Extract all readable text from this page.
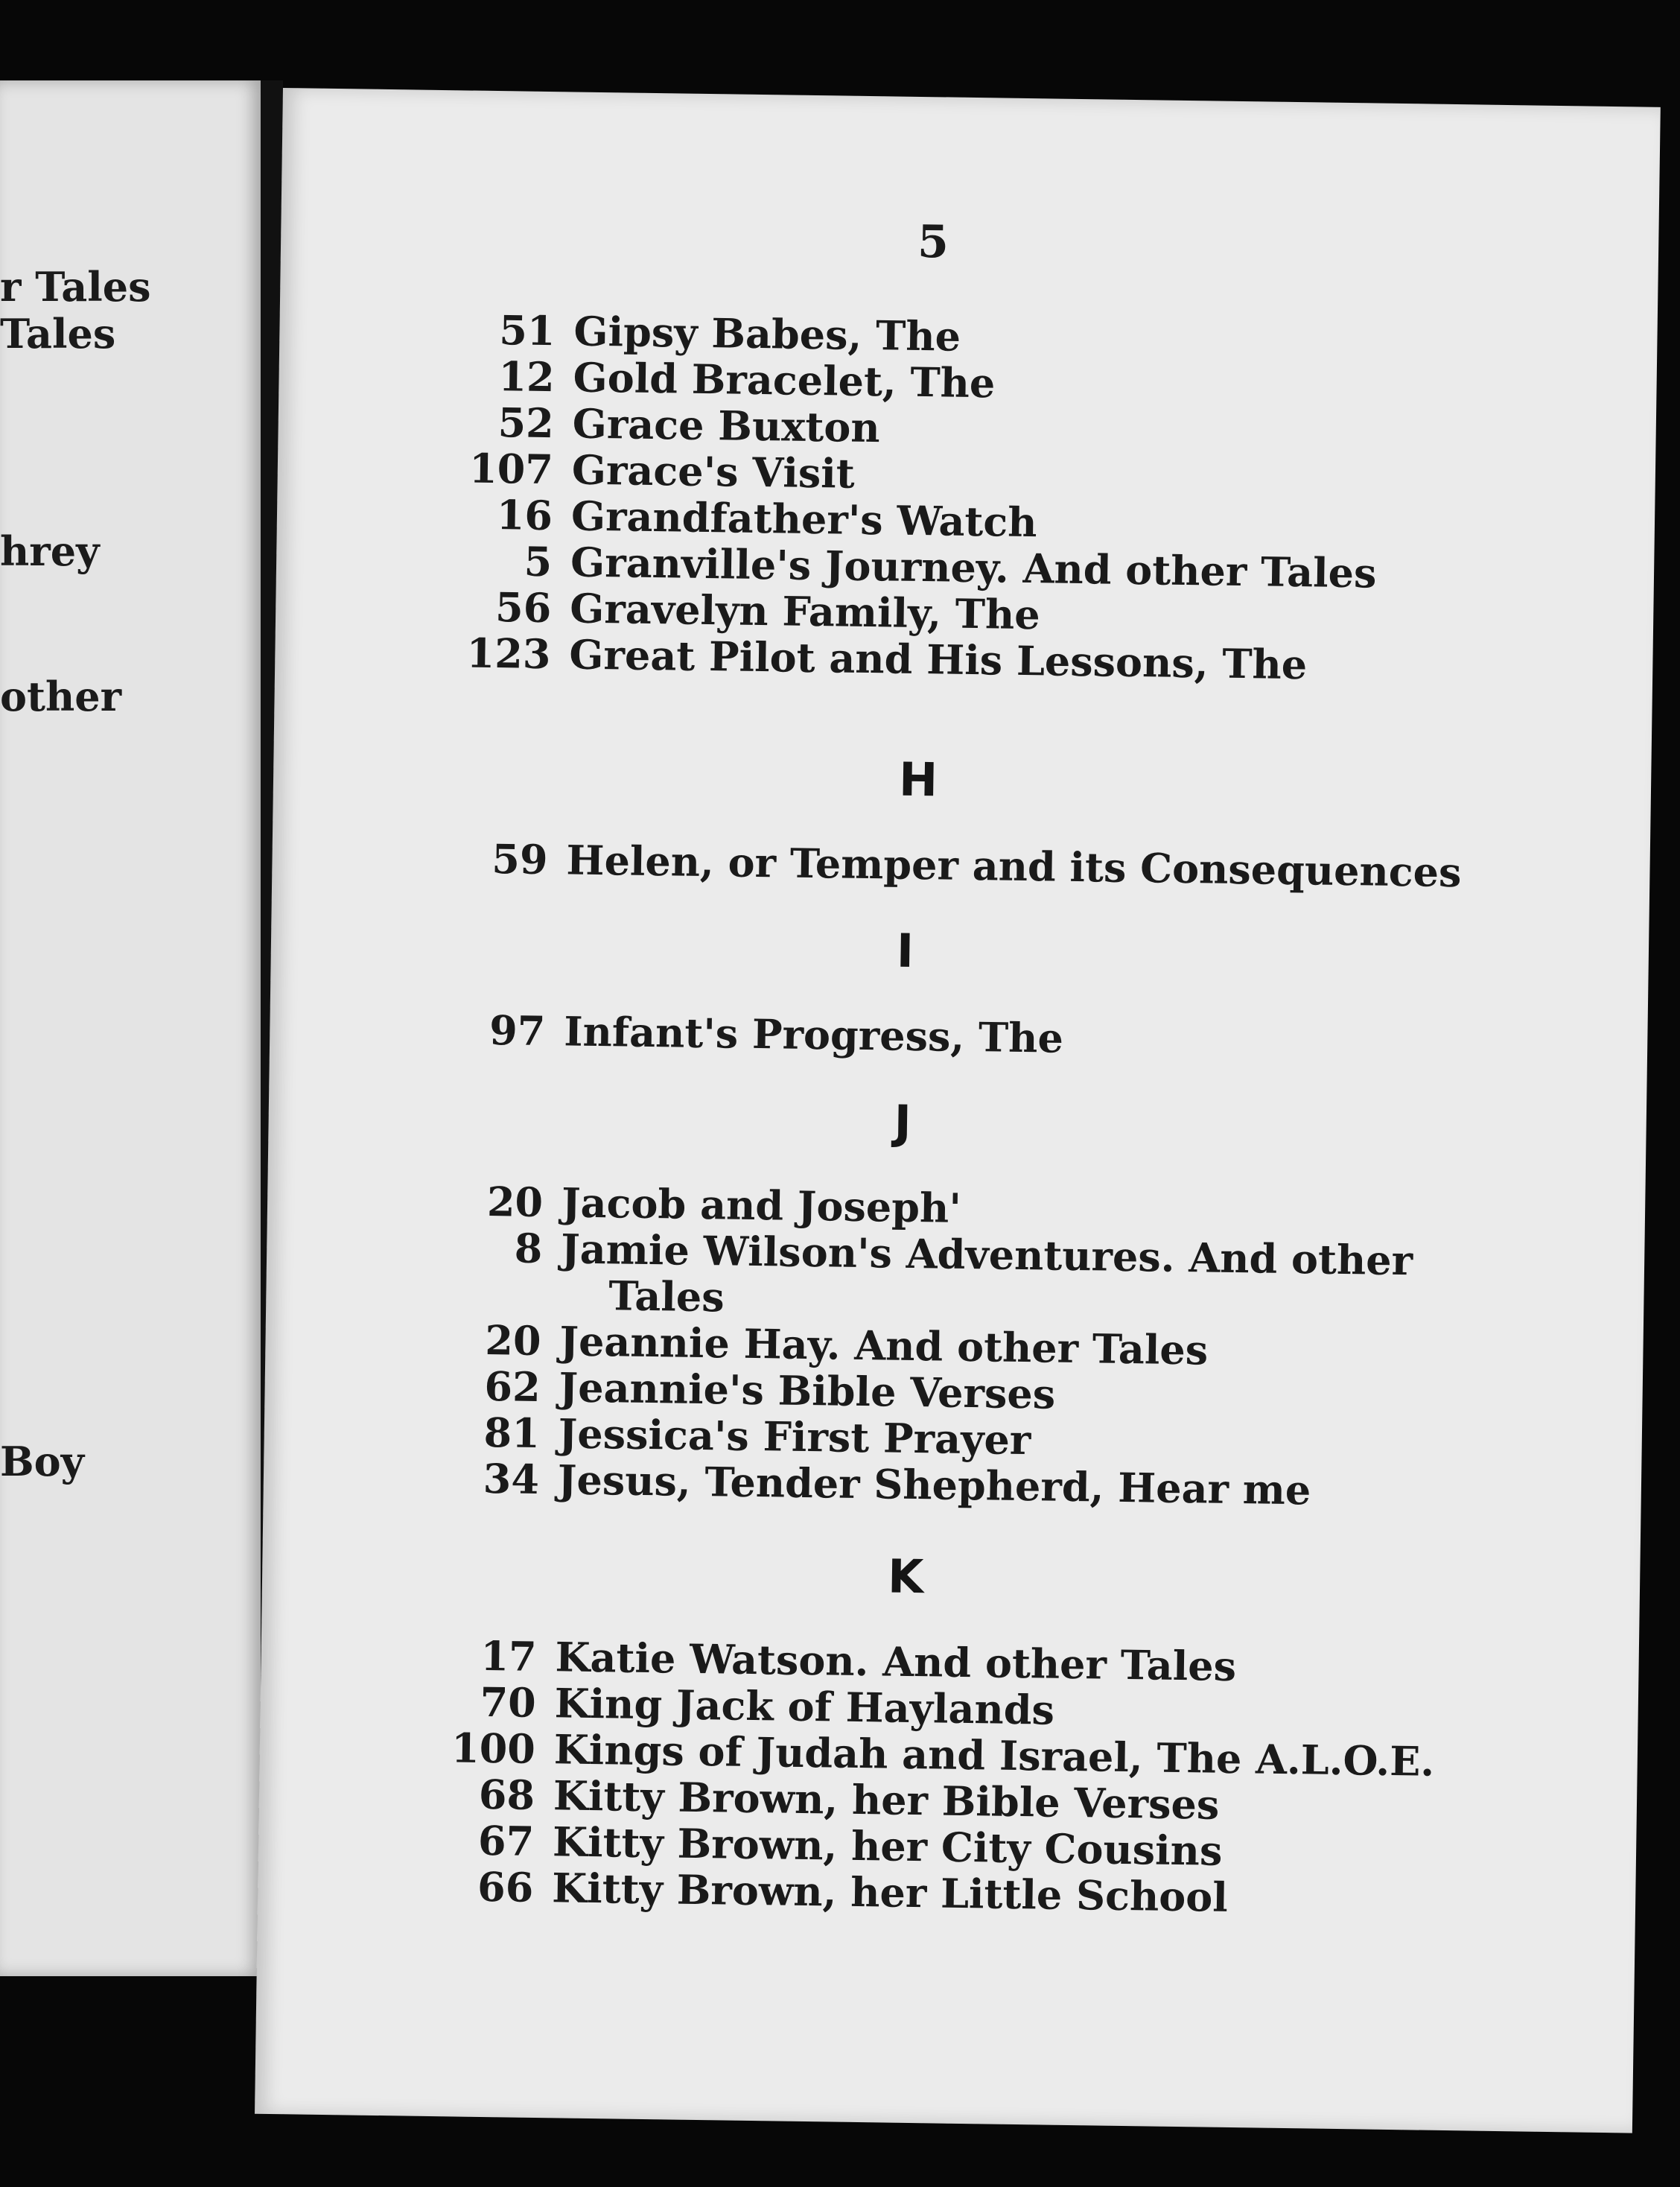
r Tales

Tales

hrey

other

Boy

5

51 Gipsy Babes, The
12 Gold Bracelet, The
52 Grace Buxton
107 Grace's Visit
16 Grandfather's Watch
5 Granville's Journey. And other Tales
56 Gravelyn Family, The
123 Great Pilot and His Lessons, The

H

59 Helen, or Temper and its Consequences

I

97 Infant's Progress, The

J

20 Jacob and Joseph'
8 Jamie Wilson's Adventures. And other
Tales
20 Jeannie Hay. And other Tales
62 Jeannie's Bible Verses
81 Jessica's First Prayer
34 Jesus, Tender Shepherd, Hear me

K

17 Katie Watson. And other Tales
70 King Jack of Haylands
100 Kings of Judah and Israel, The A.L.O.E.
68 Kitty Brown, her Bible Verses
67 Kitty Brown, her City Cousins
66 Kitty Brown, her Little School
